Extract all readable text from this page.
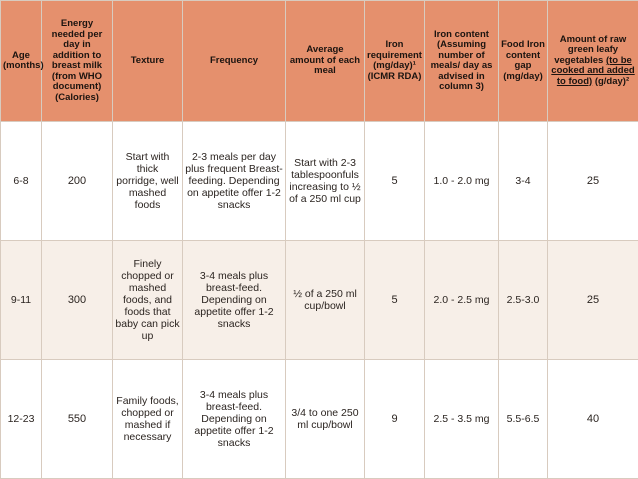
Age (months)	Energy needed per day in addition to breast milk (from WHO document) (Calories)	Texture	Frequency	Average amount of each meal	Iron requirement (mg/day)¹ (ICMR RDA)	Iron content (Assuming number of meals/ day as advised in column 3)	Food Iron content gap (mg/day)	Amount of raw green leafy vegetables (to be cooked and added to food) (g/day)²
6-8	200	Start with thick porridge, well mashed foods	2-3 meals per day plus frequent Breast-feeding. Depending on appetite offer 1-2 snacks	Start with 2-3 tablespoonfuls increasing to ½ of a 250 ml cup	5	1.0 - 2.0 mg	3-4	25
9-11	300	Finely chopped or mashed foods, and foods that baby can pick up	3-4 meals plus breast-feed. Depending on appetite offer 1-2 snacks	½ of a 250 ml cup/bowl	5	2.0 - 2.5 mg	2.5-3.0	25
12-23	550	Family foods, chopped or mashed if necessary	3-4 meals plus breast-feed. Depending on appetite offer 1-2 snacks	3/4 to one 250 ml cup/bowl	9	2.5 - 3.5 mg	5.5-6.5	40
